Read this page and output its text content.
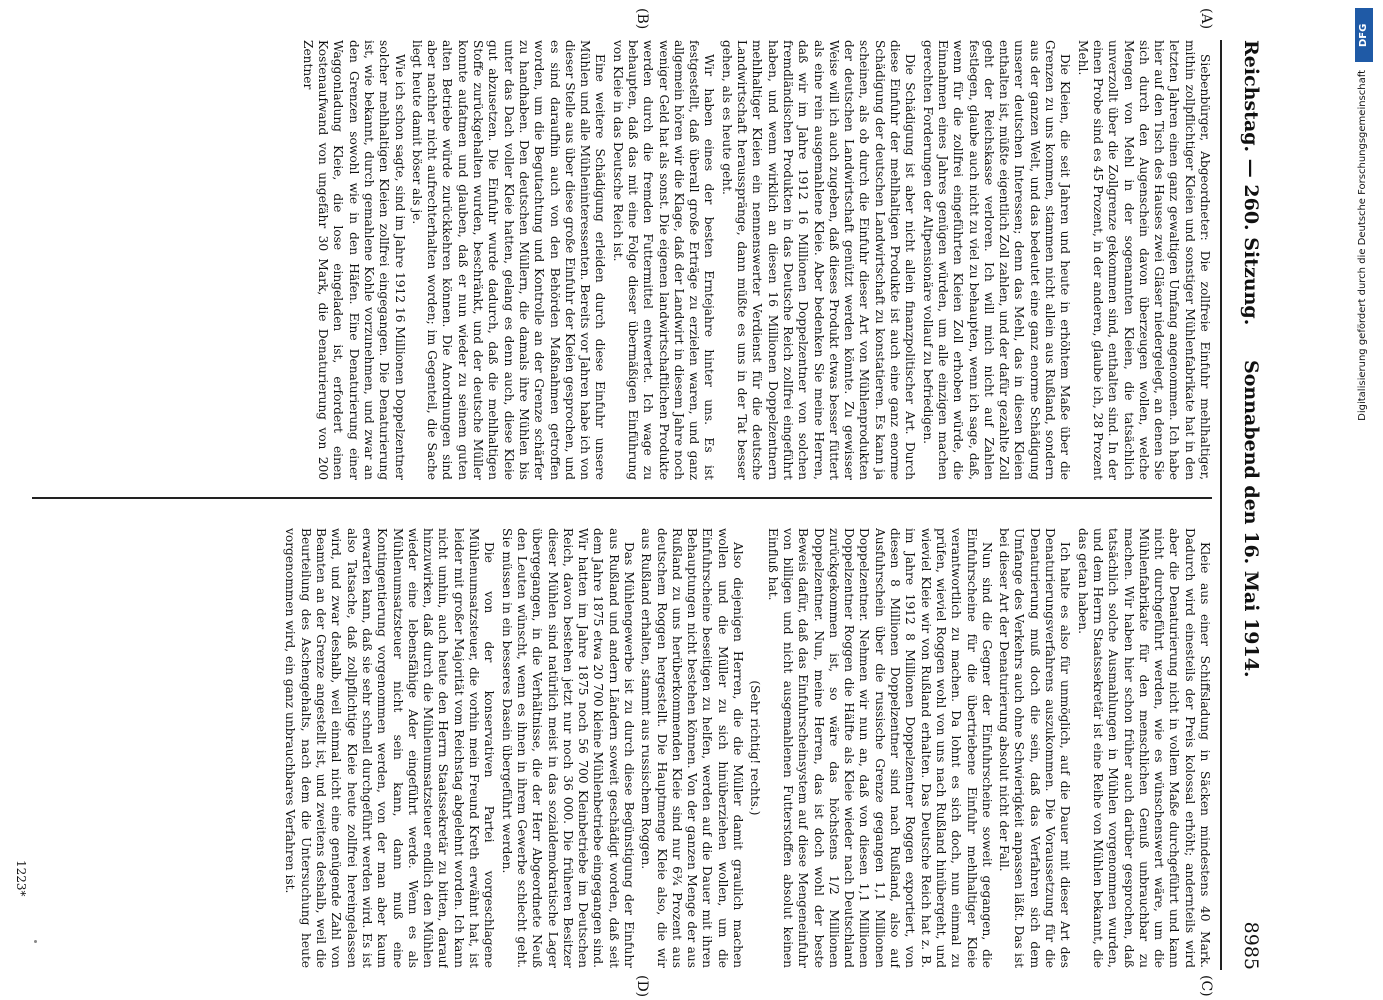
Reichstag. — 260. Sitzung.
Sonnabend den 16. Mai 1914.
8985
(A)
(B)
(C)
(D)

Siebenbürger, Abgeordneter: Die zollfreie Einfuhr mehlhaltiger, mithin zollpflichtiger Kleien und sonstiger Mühlenfabrikate hat in den letzten Jahren einen ganz gewaltigen Umfang angenommen. Ich habe hier auf den Tisch des Hauses zwei Gläser niedergelegt, an denen Sie sich durch den Augenschein davon überzeugen wollen, welche Mengen von Mehl in der sogenannten Kleien, die tatsächlich unverzollt über die Zollgrenze gekommen sind, enthalten sind. In der einen Probe sind es 45 Prozent, in der anderen, glaube ich, 28 Prozent Mehl.

Die Kleien, die seit Jahren und heute in erhöhtem Maße über die Grenzen zu uns kommen, stammen nicht allein aus Rußland, sondern aus der ganzen Welt, und das bedeutet eine ganz enorme Schädigung unserer deutschen Interessen; denn das Mehl, das in diesen Kleien enthalten ist, müßte eigentlich Zoll zahlen, und der dafür gezahlte Zoll geht der Reichskasse verloren. Ich will mich nicht auf Zahlen festlegen, glaube auch nicht zu viel zu behaupten, wenn ich sage, daß, wenn für die zollfrei eingeführten Kleien Zoll erhoben würde, die Einnahmen eines Jahres genügen würden, um alle einzigen machen gerechten Forderungen der Altpensionäre vollauf zu befriedigen.

Die Schädigung ist aber nicht allein finanzpolitischer Art. Durch diese Einfuhr der mehlhaltigen Produkte ist auch eine ganz enorme Schädigung der deutschen Landwirtschaft zu konstatieren. Es kann ja scheinen, als ob durch die Einfuhr dieser Art von Mühlenprodukten der deutschen Landwirtschaft genützt werden könnte. Zu gewisser Weise will ich auch zugeben, daß dieses Produkt etwas besser füttert als eine rein ausgemahlene Kleie. Aber bedenken Sie meine Herren, daß wir im Jahre 1912 16 Millionen Doppelzentner von solchen fremdländischen Produkten in das Deutsche Reich zollfrei eingeführt haben, und wenn wirklich an diesen 16 Millionen Doppelzentnern mehlhaltiger Kleien ein nennenswerter Verdienst für die deutsche Landwirtschaft herausspränge, dann müßte es uns in der Tat besser gehen, als es heute geht.

Wir haben eines der besten Erntejahre hinter uns. Es ist festgestellt, daß überall große Erträge zu erzielen waren, und ganz allgemein hören wir die Klage, daß der Landwirt in diesem Jahre noch weniger Geld hat als sonst. Die eigenen landwirtschaftlichen Produkte werden durch die fremden Futtermittel entwertet. Ich wage zu behaupten, daß das mit eine Folge dieser übermäßigen Einführung von Kleie in das Deutsche Reich ist.

Eine weitere Schädigung erleiden durch diese Einfuhr unsere Mühlen und alle Mühleninteressenten. Bereits vor Jahren habe ich von dieser Stelle aus über diese große Einfuhr der Kleien gesprochen, und es sind daraufhin auch von den Behörden Maßnahmen getroffen worden, um die Begutachtung und Kontrolle an der Grenze schärfer zu handhaben. Den deutschen Müllern, die damals ihre Mühlen bis unter das Dach voller Kleie hatten, gelang es denn auch, diese Kleie gut abzusetzen. Die Einfuhr wurde dadurch, daß die mehlhaltigen Stoffe zurückgehalten wurden, beschränkt, und der deutsche Müller konnte aufatmen und glauben, daß er nun wieder zu seinem guten alten Betriebe würde zurückkehren können. Die Anordnungen sind aber nachher nicht aufrechterhalten worden; im Gegenteil, die Sache liegt heute damit böser als je.

Wie ich schon sagte, sind im Jahre 1912 16 Millionen Doppelzentner solcher mehlhaltigen Kleien zollfrei eingegangen. Die Denaturierung ist, wie bekannt, durch gemahlene Kohle vorzunehmen, und zwar an den Grenzen sowohl wie in den Häfen. Eine Denaturierung einer Waggonladung Kleie, die lose eingeladen ist, erfordert einen Kostenaufwand von ungefähr 30 Mark, die Denaturierung von 200 Zentner

Kleie aus einer Schiffsladung in Säcken mindestens 40 Mark. Dadurch wird einesteils der Preis kolossal erhöht; andernteils wird aber die Denaturierung nicht in vollem Maße durchgeführt und kann nicht durchgeführt werden, wie es wünschenswert wäre, um die Mühlenfabrikate für den menschlichen Genuß unbrauchbar zu machen. Wir haben hier schon früher auch darüber gesprochen, daß tatsächlich solche Ausmahlungen in Mühlen vorgenommen wurden, und dem Herrn Staatssekretär ist eine Reihe von Mühlen bekannt, die das getan haben.

Ich halte es also für unmöglich, auf die Dauer mit dieser Art des Denaturierungsverfahrens auszukommen. Die Voraussetzung für die Denaturierung muß doch die sein, daß das Verfahren sich dem Umfange des Verkehrs auch ohne Schwierigkeit anpassen läßt. Das ist bei dieser Art der Denaturierung absolut nicht der Fall.

Nun sind die Gegner der Einfuhrscheine soweit gegangen, die Einfuhrscheine für die übertriebene Einfuhr mehlhaltiger Kleie verantwortlich zu machen. Da lohnt es sich doch, nun einmal zu prüfen, wieviel Roggen wohl von uns nach Rußland hinübergeht, und wieviel Kleie wir von Rußland erhalten. Das Deutsche Reich hat z. B. im Jahre 1912 8 Millionen Doppelzentner Roggen exportiert, von diesen 8 Millionen Doppelzentner sind nach Rußland, also auf Ausfuhrschein über die russische Grenze gegangen 1,1 Millionen Doppelzentner. Nehmen wir nun an, daß von diesen 1,1 Millionen Doppelzentner Roggen die Hälfte als Kleie wieder nach Deutschland zurückgekommen ist, so wäre das höchstens 1/2 Millionen Doppelzentner. Nun, meine Herren, das ist doch wohl der beste Beweis dafür, daß das Einfuhrscheinsystem auf diese Mengeneinfuhr von billigen und nicht ausgemahlenen Futterstoffen absolut keinen Einfluß hat.

(Sehr richtig! rechts.)

Also diejenigen Herren, die die Müller damit graulich machen wollen und die Müller zu sich hinüberziehen wollen, um die Einfuhrscheine beseitigen zu helfen, werden auf die Dauer mit ihren Behauptungen nicht bestehen können. Von der ganzen Menge der aus Rußland zu uns herüberkommenden Kleie sind nur 6¾ Prozent aus deutschem Roggen hergestellt. Die Hauptmenge Kleie also, die wir aus Rußland erhalten, stammt aus russischem Roggen.

Das Mühlengewerbe ist zu durch diese Begünstigung der Einfuhr aus Rußland und andern Ländern soweit geschädigt worden, daß seit dem Jahre 1875 etwa 20 700 kleine Mühlenbetriebe eingegangen sind. Wir hatten im Jahre 1875 noch 56 700 Kleinbetriebe im Deutschen Reich, davon bestehen jetzt nur noch 36 000. Die früheren Besitzer dieser Mühlen sind natürlich meist in das sozialdemokratische Lager übergegangen, in die Verhältnisse, die der Herr Abgeordnete Neuß den Leuten wünscht, wenn es ihnen in ihrem Gewerbe schlecht geht. Sie müssen in ein besseres Dasein übergeführt werden.

Die von der konservativen Partei vorgeschlagene Mühlenumsatzsteuer, die vorhin mein Freund Kreth erwähnt hat, ist leider mit großer Majorität vom Reichstag abgelehnt worden. Ich kann nicht umhin, auch heute den Herrn Staatssekretär zu bitten, darauf hinzuwirken, daß durch die Mühlenumsatzsteuer endlich den Mühlen wieder eine lebensfähige Ader eingeführt werde. Wenn es als Mühlenumsatzsteuer nicht sein kann, dann muß eine Kontingentierung vorgenommen werden, von der man aber kaum erwarten kann, daß sie sehr schnell durchgeführt werden wird. Es ist also Tatsache, daß zollpflichtige Kleie heute zollfrei hereingelassen wird, und zwar deshalb, weil einmal nicht eine genügende Zahl von Beamten an der Grenze angestellt ist, und zweitens deshalb, weil die Beurteilung des Aschengehalts, nach dem die Untersuchung heute vorgenommen wird, ein ganz unbrauchbares Verfahren ist.

1223*
DFG
Digitalisierung gefördert durch die Deutsche Forschungsgemeinschaft
